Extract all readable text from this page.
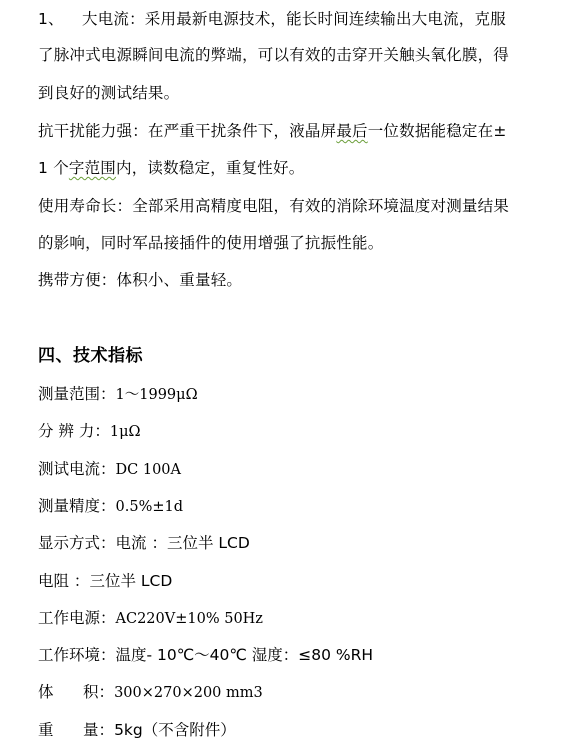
1、 大电流：采用最新电源技术，能长时间连续输出大电流，克服
了脉冲式电源瞬间电流的弊端，可以有效的击穿开关触头氧化膜，得
到良好的测试结果。
抗干扰能力强：在严重干扰条件下，液晶屏最后一位数据能稳定在±
1 个字范围内，读数稳定，重复性好。
使用寿命长：全部采用高精度电阻，有效的消除环境温度对测量结果
的影响，同时军品接插件的使用增强了抗振性能。
携带方便：体积小、重量轻。
四、技术指标
测量范围：1～1999μΩ
分 辨 力：1μΩ
测试电流：DC 100A
测量精度：0.5%±1d
显示方式：电流 ：三位半 LCD
电阻 ：三位半 LCD
工作电源：AC220V±10% 50Hz
工作环境：温度- 10℃～40℃ 湿度：≤80 %RH
体      积：300×270×200 mm3
重      量：5kg（不含附件）
